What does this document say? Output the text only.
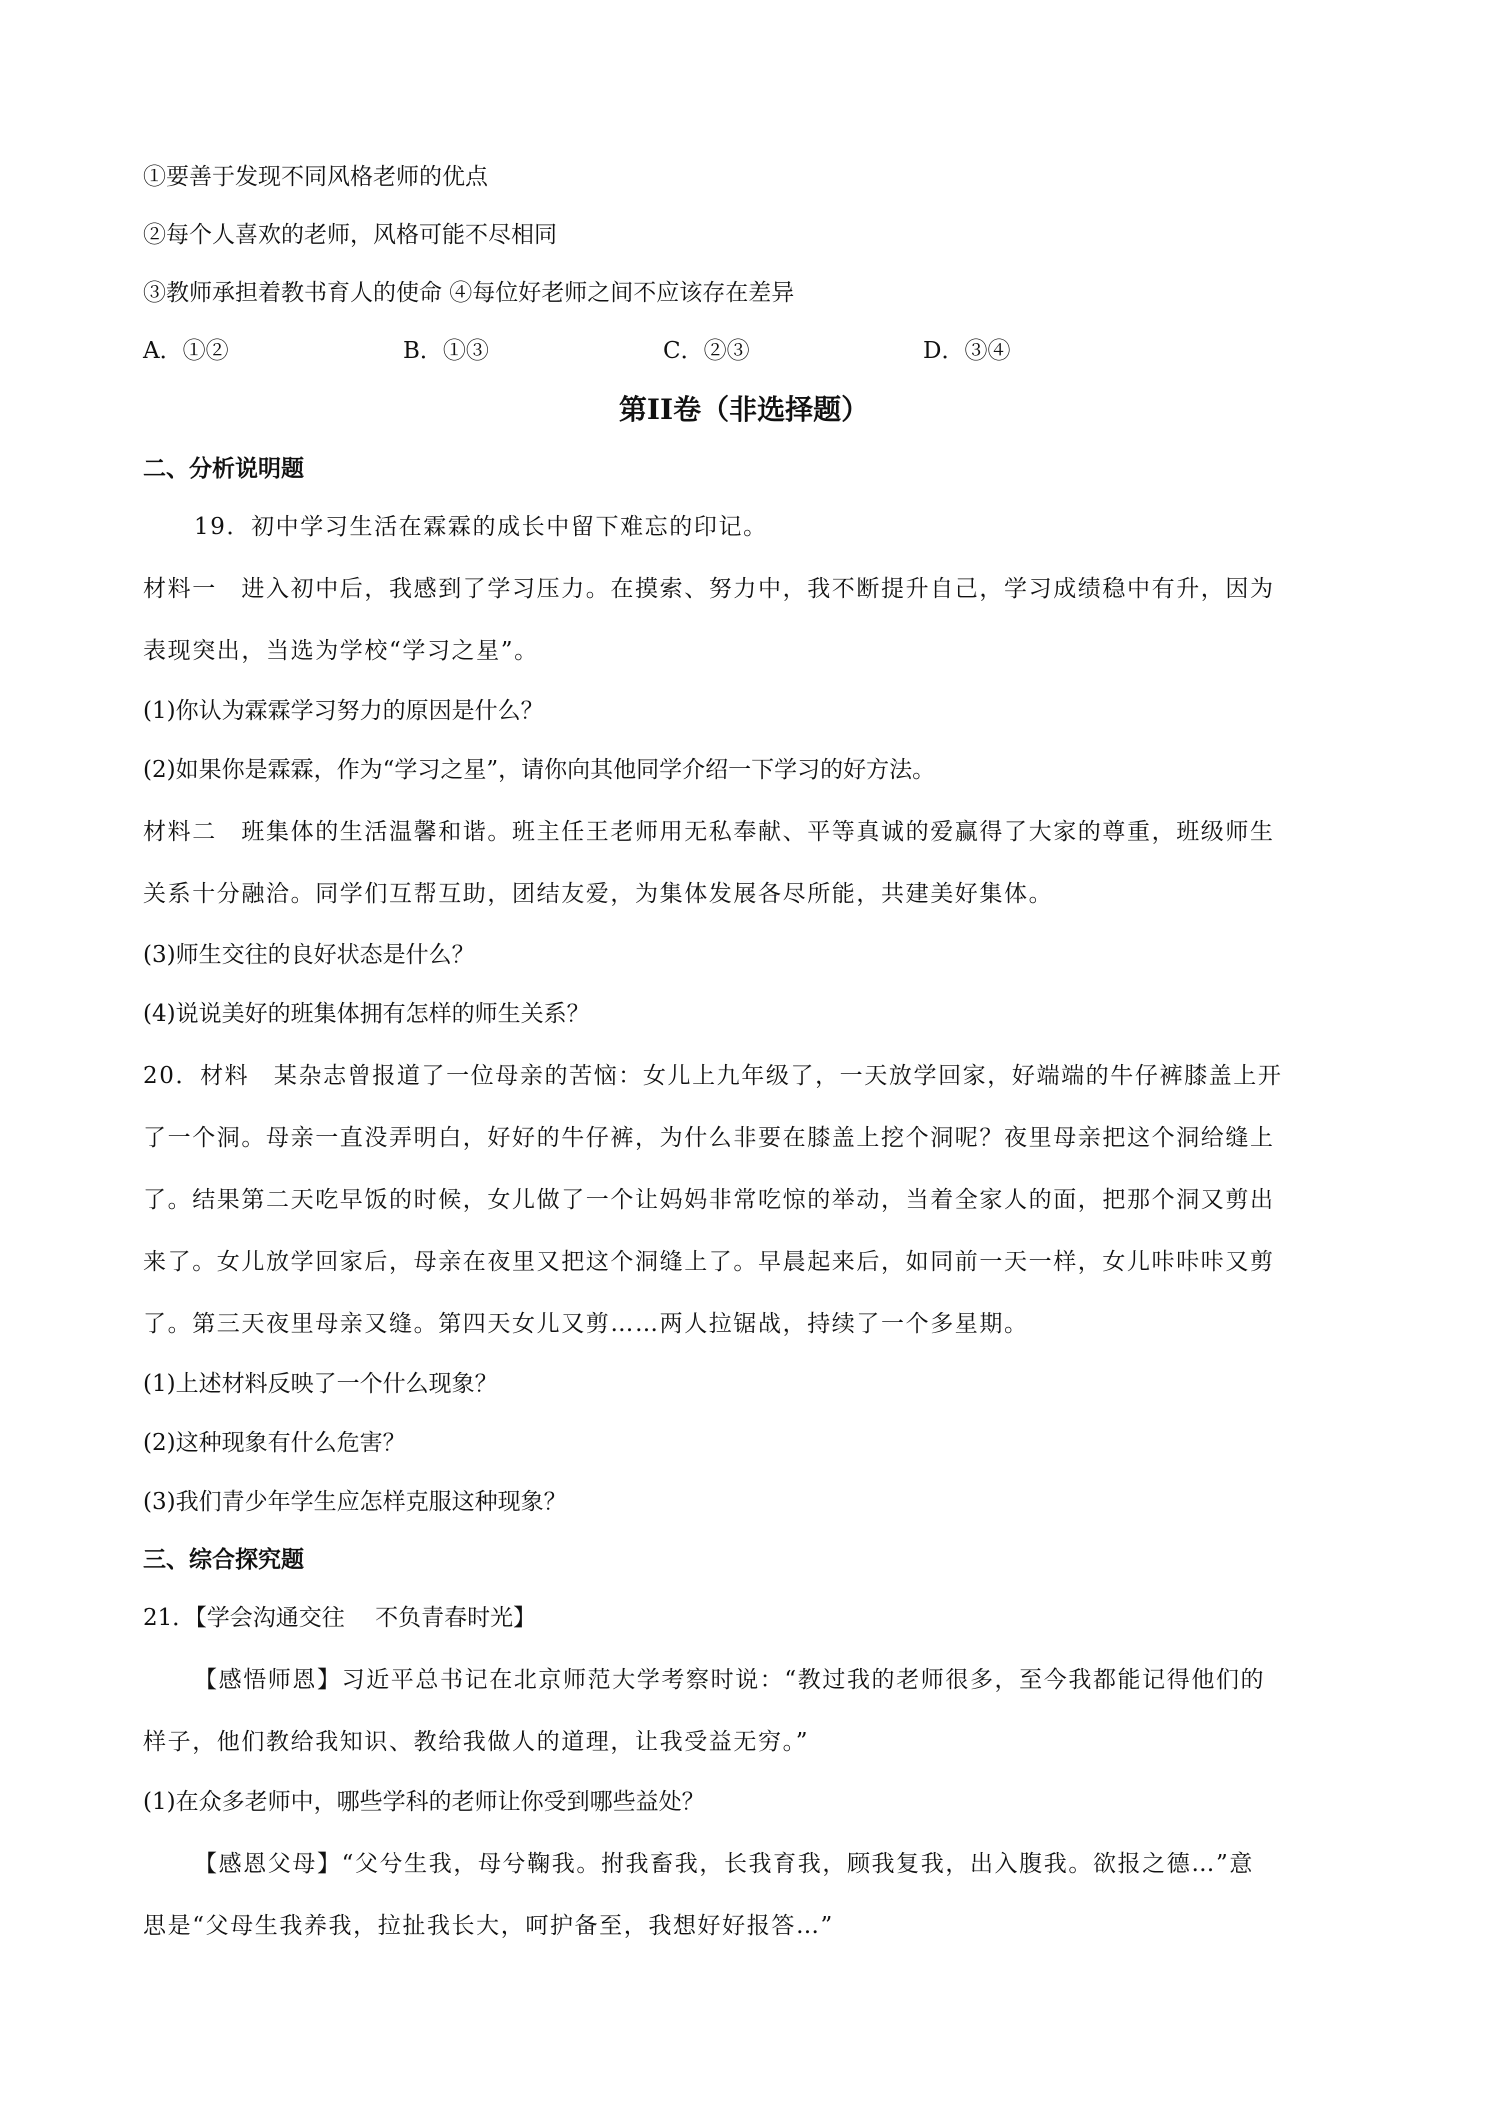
①要善于发现不同风格老师的优点
②每个人喜欢的老师，风格可能不尽相同
③教师承担着教书育人的使命 ④每位好老师之间不应该存在差异
A．①②	B．①③	C．②③	D．③④
第II卷（非选择题）
二、分析说明题
19．初中学习生活在霖霖的成长中留下难忘的印记。
材料一　进入初中后，我感到了学习压力。在摸索、努力中，我不断提升自己，学习成绩稳中有升，因为
表现突出，当选为学校“学习之星”。
(1)你认为霖霖学习努力的原因是什么？
(2)如果你是霖霖，作为“学习之星”，请你向其他同学介绍一下学习的好方法。
材料二　班集体的生活温馨和谐。班主任王老师用无私奉献、平等真诚的爱赢得了大家的尊重，班级师生
关系十分融洽。同学们互帮互助，团结友爱，为集体发展各尽所能，共建美好集体。
(3)师生交往的良好状态是什么？
(4)说说美好的班集体拥有怎样的师生关系？
20．材料　某杂志曾报道了一位母亲的苦恼：女儿上九年级了，一天放学回家，好端端的牛仔裤膝盖上开
了一个洞。母亲一直没弄明白，好好的牛仔裤，为什么非要在膝盖上挖个洞呢？夜里母亲把这个洞给缝上
了。结果第二天吃早饭的时候，女儿做了一个让妈妈非常吃惊的举动，当着全家人的面，把那个洞又剪出
来了。女儿放学回家后，母亲在夜里又把这个洞缝上了。早晨起来后，如同前一天一样，女儿咔咔咔又剪
了。第三天夜里母亲又缝。第四天女儿又剪……两人拉锯战，持续了一个多星期。
(1)上述材料反映了一个什么现象？
(2)这种现象有什么危害？
(3)我们青少年学生应怎样克服这种现象？
三、综合探究题
21．【学会沟通交往　 不负青春时光】
【感悟师恩】习近平总书记在北京师范大学考察时说：“教过我的老师很多，至今我都能记得他们的
样子，他们教给我知识、教给我做人的道理，让我受益无穷。”
(1)在众多老师中，哪些学科的老师让你受到哪些益处？
【感恩父母】“父兮生我，母兮鞠我。拊我畜我，长我育我，顾我复我，出入腹我。欲报之德…”意
思是“父母生我养我，拉扯我长大，呵护备至，我想好好报答…”
